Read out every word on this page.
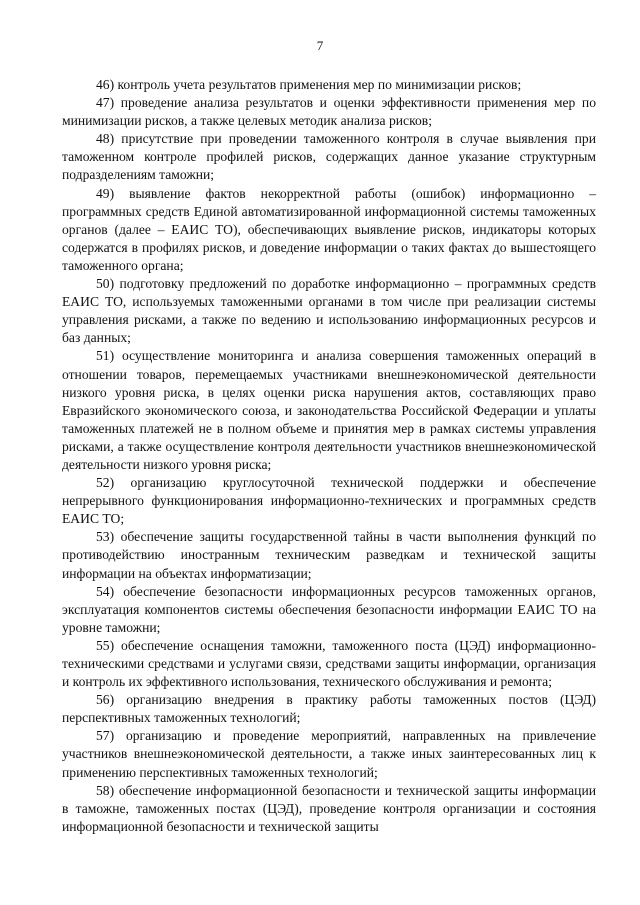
7

46) контроль учета результатов применения мер по минимизации рисков;

47) проведение анализа результатов и оценки эффективности применения мер по минимизации рисков, а также целевых методик анализа рисков;

48) присутствие при проведении таможенного контроля в случае выявления при таможенном контроле профилей рисков, содержащих данное указание структурным подразделениям таможни;

49) выявление фактов некорректной работы (ошибок) информационно – программных средств Единой автоматизированной информационной системы таможенных органов (далее – ЕАИС ТО), обеспечивающих выявление рисков, индикаторы которых содержатся в профилях рисков, и доведение информации о таких фактах до вышестоящего таможенного органа;

50) подготовку предложений по доработке информационно – программных средств ЕАИС ТО, используемых таможенными органами в том числе при реализации системы управления рисками, а также по ведению и использованию информационных ресурсов и баз данных;

51) осуществление мониторинга и анализа совершения таможенных операций в отношении товаров, перемещаемых участниками внешнеэкономической деятельности низкого уровня риска, в целях оценки риска нарушения актов, составляющих право Евразийского экономического союза, и законодательства Российской Федерации и уплаты таможенных платежей не в полном объеме и принятия мер в рамках системы управления рисками, а также осуществление контроля деятельности участников внешнеэкономической деятельности низкого уровня риска;

52) организацию круглосуточной технической поддержки и обеспечение непрерывного функционирования информационно-технических и программных средств ЕАИС ТО;

53) обеспечение защиты государственной тайны в части выполнения функций по противодействию иностранным техническим разведкам и технической защиты информации на объектах информатизации;

54) обеспечение безопасности информационных ресурсов таможенных органов, эксплуатация компонентов системы обеспечения безопасности информации ЕАИС ТО на уровне таможни;

55) обеспечение оснащения таможни, таможенного поста (ЦЭД) информационно-техническими средствами и услугами связи, средствами защиты информации, организация и контроль их эффективного использования, технического обслуживания и ремонта;

56) организацию внедрения в практику работы таможенных постов (ЦЭД) перспективных таможенных технологий;

57) организацию и проведение мероприятий, направленных на привлечение участников внешнеэкономической деятельности, а также иных заинтересованных лиц к применению перспективных таможенных технологий;

58) обеспечение информационной безопасности и технической защиты информации в таможне, таможенных постах (ЦЭД), проведение контроля организации и состояния информационной безопасности и технической защиты
